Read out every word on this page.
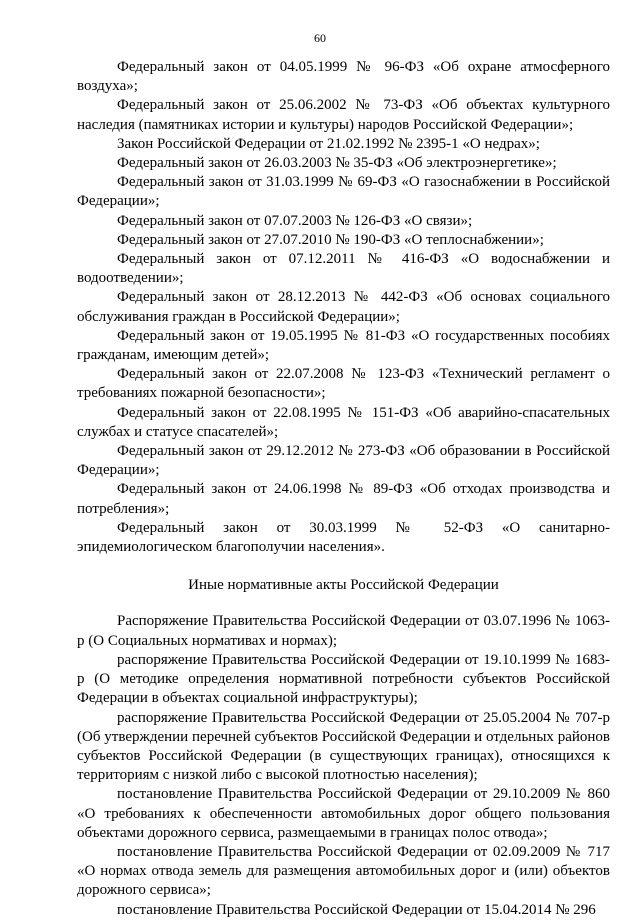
60

Федеральный закон от 04.05.1999 № 96-ФЗ «Об охране атмосферного воздуха»;

Федеральный закон от 25.06.2002 № 73-ФЗ «Об объектах культурного наследия (памятниках истории и культуры) народов Российской Федерации»;

Закон Российской Федерации от 21.02.1992 № 2395-1 «О недрах»;

Федеральный закон от 26.03.2003 № 35-ФЗ «Об электроэнергетике»;

Федеральный закон от 31.03.1999 № 69-ФЗ «О газоснабжении в Российской Федерации»;

Федеральный закон от 07.07.2003 № 126-ФЗ «О связи»;

Федеральный закон от 27.07.2010 № 190-ФЗ «О теплоснабжении»;

Федеральный закон от 07.12.2011 № 416-ФЗ «О водоснабжении и водоотведении»;

Федеральный закон от 28.12.2013 № 442-ФЗ «Об основах социального обслуживания граждан в Российской Федерации»;

Федеральный закон от 19.05.1995 № 81-ФЗ «О государственных пособиях гражданам, имеющим детей»;

Федеральный закон от 22.07.2008 № 123-ФЗ «Технический регламент о требованиях пожарной безопасности»;

Федеральный закон от 22.08.1995 № 151-ФЗ «Об аварийно-спасательных службах и статусе спасателей»;

Федеральный закон от 29.12.2012 № 273-ФЗ «Об образовании в Российской Федерации»;

Федеральный закон от 24.06.1998 № 89-ФЗ «Об отходах производства и потребления»;

Федеральный закон от 30.03.1999 № 52-ФЗ «О санитарно-эпидемиологическом благополучии населения».

Иные нормативные акты Российской Федерации

Распоряжение Правительства Российской Федерации от 03.07.1996 № 1063-р (О Социальных нормативах и нормах);

распоряжение Правительства Российской Федерации от 19.10.1999 № 1683-р (О методике определения нормативной потребности субъектов Российской Федерации в объектах социальной инфраструктуры);

распоряжение Правительства Российской Федерации от 25.05.2004 № 707-р (Об утверждении перечней субъектов Российской Федерации и отдельных районов субъектов Российской Федерации (в существующих границах), относящихся к территориям с низкой либо с высокой плотностью населения);

постановление Правительства Российской Федерации от 29.10.2009 № 860 «О требованиях к обеспеченности автомобильных дорог общего пользования объектами дорожного сервиса, размещаемыми в границах полос отвода»;

постановление Правительства Российской Федерации от 02.09.2009 № 717 «О нормах отвода земель для размещения автомобильных дорог и (или) объектов дорожного сервиса»;

постановление Правительства Российской Федерации от 15.04.2014 № 296
